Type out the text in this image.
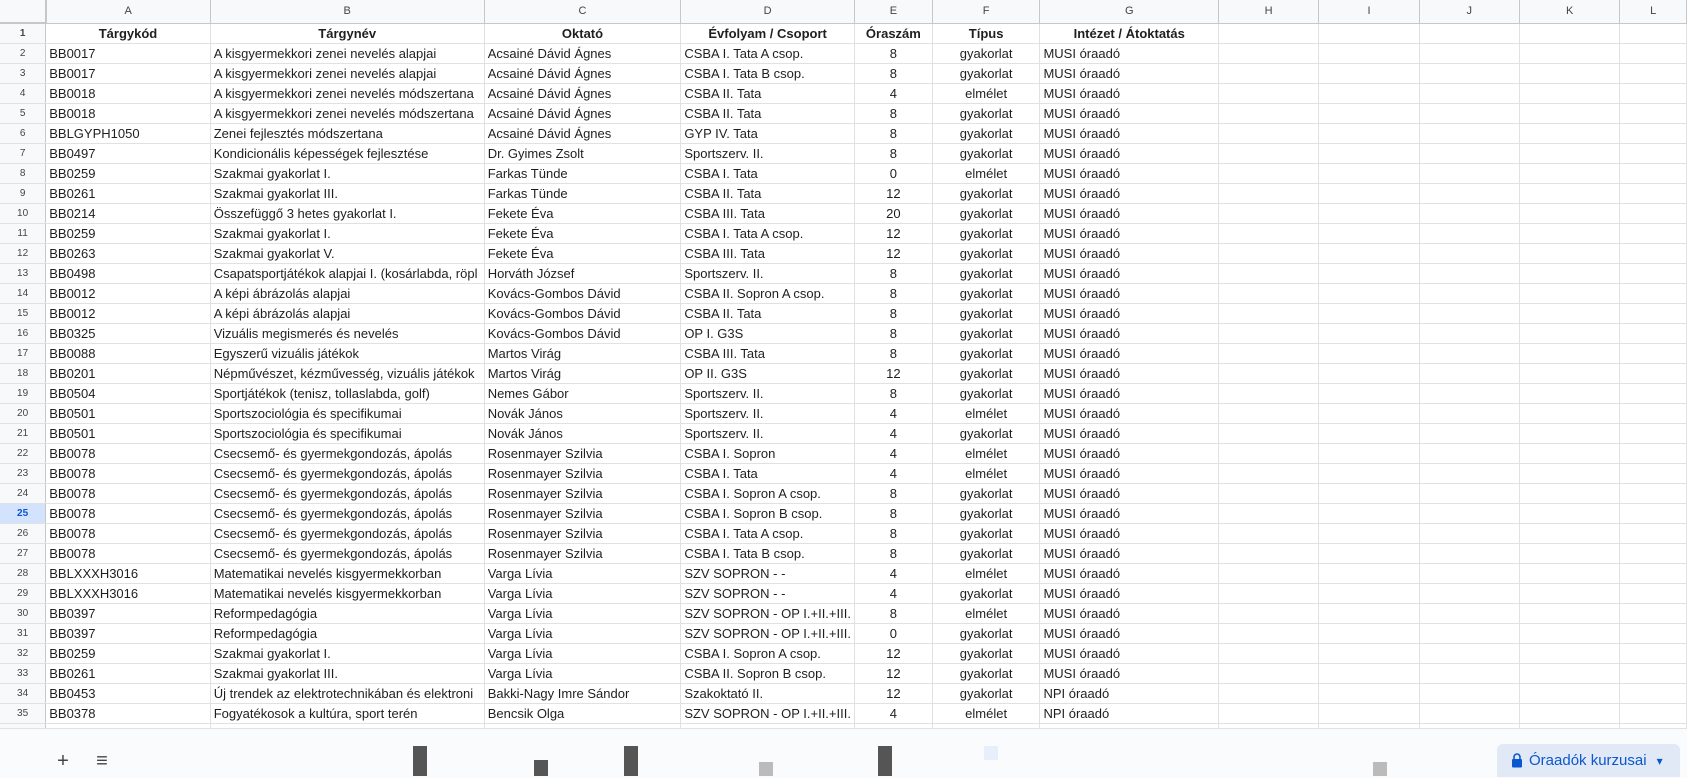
	A	B	C	D	E	F	G	H	I	J	K	L
1	Tárgykód	Tárgynév	Oktató	Évfolyam / Csoport	Óraszám	Típus	Intézet / Átoktatás					
2	BB0017	A kisgyermekkori zenei nevelés alapjai	Acsainé Dávid Ágnes	CSBA I. Tata A csop.	8	gyakorlat	MUSI óraadó					
3	BB0017	A kisgyermekkori zenei nevelés alapjai	Acsainé Dávid Ágnes	CSBA I. Tata B csop.	8	gyakorlat	MUSI óraadó					
4	BB0018	A kisgyermekkori zenei nevelés módszertana	Acsainé Dávid Ágnes	CSBA II. Tata	4	elmélet	MUSI óraadó					
5	BB0018	A kisgyermekkori zenei nevelés módszertana	Acsainé Dávid Ágnes	CSBA II. Tata	8	gyakorlat	MUSI óraadó					
6	BBLGYPH1050	Zenei fejlesztés módszertana	Acsainé Dávid Ágnes	GYP IV. Tata	8	gyakorlat	MUSI óraadó					
7	BB0497	Kondicionális képességek fejlesztése	Dr. Gyimes Zsolt	Sportszerv. II.	8	gyakorlat	MUSI óraadó					
8	BB0259	Szakmai gyakorlat I.	Farkas Tünde	CSBA I. Tata	0	elmélet	MUSI óraadó					
9	BB0261	Szakmai gyakorlat III.	Farkas Tünde	CSBA II. Tata	12	gyakorlat	MUSI óraadó					
10	BB0214	Összefüggő 3 hetes gyakorlat I.	Fekete Éva	CSBA III. Tata	20	gyakorlat	MUSI óraadó					
11	BB0259	Szakmai gyakorlat I.	Fekete Éva	CSBA I. Tata A csop.	12	gyakorlat	MUSI óraadó					
12	BB0263	Szakmai gyakorlat V.	Fekete Éva	CSBA III. Tata	12	gyakorlat	MUSI óraadó					
13	BB0498	Csapatsportjátékok alapjai I. (kosárlabda, röpl	Horváth József	Sportszerv. II.	8	gyakorlat	MUSI óraadó					
14	BB0012	A képi ábrázolás alapjai	Kovács-Gombos Dávid	CSBA II. Sopron A csop.	8	gyakorlat	MUSI óraadó					
15	BB0012	A képi ábrázolás alapjai	Kovács-Gombos Dávid	CSBA II. Tata	8	gyakorlat	MUSI óraadó					
16	BB0325	Vizuális megismerés és nevelés	Kovács-Gombos Dávid	OP I. G3S	8	gyakorlat	MUSI óraadó					
17	BB0088	Egyszerű vizuális játékok	Martos Virág	CSBA III. Tata	8	gyakorlat	MUSI óraadó					
18	BB0201	Népművészet, kézművesség, vizuális játékok	Martos Virág	OP II. G3S	12	gyakorlat	MUSI óraadó					
19	BB0504	Sportjátékok (tenisz, tollaslabda, golf)	Nemes Gábor	Sportszerv. II.	8	gyakorlat	MUSI óraadó					
20	BB0501	Sportszociológia és specifikumai	Novák János	Sportszerv. II.	4	elmélet	MUSI óraadó					
21	BB0501	Sportszociológia és specifikumai	Novák János	Sportszerv. II.	4	gyakorlat	MUSI óraadó					
22	BB0078	Csecsemő- és gyermekgondozás, ápolás	Rosenmayer Szilvia	CSBA I. Sopron	4	elmélet	MUSI óraadó					
23	BB0078	Csecsemő- és gyermekgondozás, ápolás	Rosenmayer Szilvia	CSBA I. Tata	4	elmélet	MUSI óraadó					
24	BB0078	Csecsemő- és gyermekgondozás, ápolás	Rosenmayer Szilvia	CSBA I. Sopron A csop.	8	gyakorlat	MUSI óraadó					
25	BB0078	Csecsemő- és gyermekgondozás, ápolás	Rosenmayer Szilvia	CSBA I. Sopron B csop.	8	gyakorlat	MUSI óraadó					
26	BB0078	Csecsemő- és gyermekgondozás, ápolás	Rosenmayer Szilvia	CSBA I. Tata A csop.	8	gyakorlat	MUSI óraadó					
27	BB0078	Csecsemő- és gyermekgondozás, ápolás	Rosenmayer Szilvia	CSBA I. Tata B csop.	8	gyakorlat	MUSI óraadó					
28	BBLXXXH3016	Matematikai nevelés kisgyermekkorban	Varga Lívia	SZV SOPRON - -	4	elmélet	MUSI óraadó					
29	BBLXXXH3016	Matematikai nevelés kisgyermekkorban	Varga Lívia	SZV SOPRON - -	4	gyakorlat	MUSI óraadó					
30	BB0397	Reformpedagógia	Varga Lívia	SZV SOPRON - OP I.+II.+III.	8	elmélet	MUSI óraadó					
31	BB0397	Reformpedagógia	Varga Lívia	SZV SOPRON - OP I.+II.+III.	0	gyakorlat	MUSI óraadó					
32	BB0259	Szakmai gyakorlat I.	Varga Lívia	CSBA I. Sopron A csop.	12	gyakorlat	MUSI óraadó					
33	BB0261	Szakmai gyakorlat III.	Varga Lívia	CSBA II. Sopron B csop.	12	gyakorlat	MUSI óraadó					
34	BB0453	Új trendek az elektrotechnikában és elektroni	Bakki-Nagy Imre Sándor	Szakoktató II.	12	gyakorlat	NPI óraadó					
35	BB0378	Fogyatékosok a kultúra, sport terén	Bencsik Olga	SZV SOPRON - OP I.+II.+III.	4	elmélet	NPI óraadó					

+ ≡	Óraadók kurzusai ▾
